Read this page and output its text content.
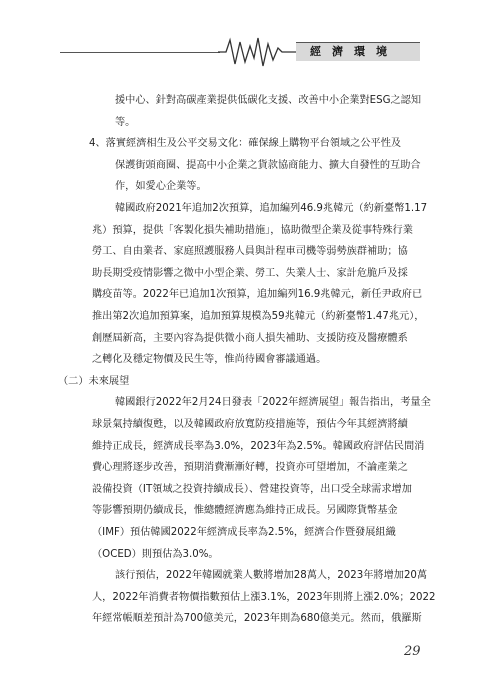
經濟環境
援中心、針對高碳產業提供低碳化支援、改善中小企業對ESG之認知
等。
4、落實經濟相生及公平交易文化：確保線上購物平台領域之公平性及
保護街頭商圈、提高中小企業之貨款協商能力、擴大自發性的互助合
作，如愛心企業等。
韓國政府2021年追加2次預算，追加編列46.9兆韓元（約新臺幣1.17
兆）預算，提供「客製化損失補助措施」，協助微型企業及從事特殊行業
勞工、自由業者、家庭照護服務人員與計程車司機等弱勢族群補助；協
助長期受疫情影響之微中小型企業、勞工、失業人士、家計危脆戶及採
購疫苗等。2022年已追加1次預算，追加編列16.9兆韓元，新任尹政府已
推出第2次追加預算案，追加預算規模為59兆韓元（約新臺幣1.47兆元），
創歷屆新高，主要內容為提供微小商人損失補助、支援防疫及醫療體系
之轉化及穩定物價及民生等，惟尚待國會審議通過。
（二）未來展望
韓國銀行2022年2月24日發表「2022年經濟展望」報告指出，考量全
球景氣持續復甦，以及韓國政府放寬防疫措施等，預估今年其經濟將續
維持正成長，經濟成長率為3.0%，2023年為2.5%。韓國政府評估民間消
費心理將逐步改善，預期消費漸漸好轉，投資亦可望增加，不論產業之
設備投資（IT領域之投資持續成長）、營建投資等，出口受全球需求增加
等影響預期仍續成長，惟總體經濟應為維持正成長。另國際貨幣基金
（IMF）預估韓國2022年經濟成長率為2.5%，經濟合作暨發展組織
（OCED）則預估為3.0%。
該行預估，2022年韓國就業人數將增加28萬人，2023年將增加20萬
人，2022年消費者物價指數預估上漲3.1%，2023年則將上漲2.0%；2022
年經常帳順差預計為700億美元，2023年則為680億美元。然而，俄羅斯
29
